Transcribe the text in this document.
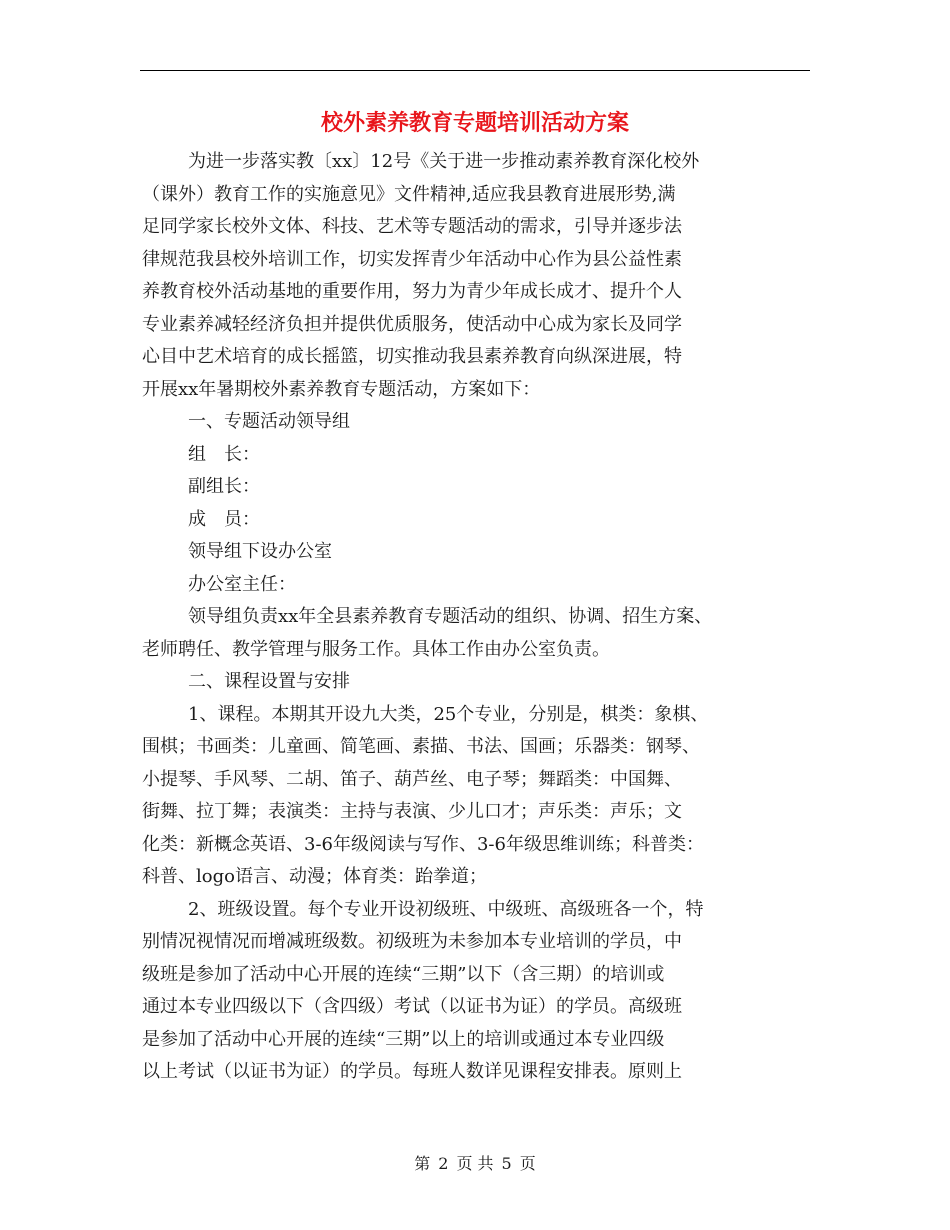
校外素养教育专题培训活动方案
为进一步落实教〔xx〕12号《关于进一步推动素养教育深化校外
（课外）教育工作的实施意见》文件精神,适应我县教育进展形势,满
足同学家长校外文体、科技、艺术等专题活动的需求，引导并逐步法
律规范我县校外培训工作，切实发挥青少年活动中心作为县公益性素
养教育校外活动基地的重要作用，努力为青少年成长成才、提升个人
专业素养减轻经济负担并提供优质服务，使活动中心成为家长及同学
心目中艺术培育的成长摇篮，切实推动我县素养教育向纵深进展，特
开展xx年暑期校外素养教育专题活动，方案如下：
一、专题活动领导组
组　长：
副组长：
成　员：
领导组下设办公室
办公室主任：
领导组负责xx年全县素养教育专题活动的组织、协调、招生方案、
老师聘任、教学管理与服务工作。具体工作由办公室负责。
二、课程设置与安排
1、课程。本期其开设九大类，25个专业，分别是，棋类：象棋、
围棋；书画类：儿童画、简笔画、素描、书法、国画；乐器类：钢琴、
小提琴、手风琴、二胡、笛子、葫芦丝、电子琴；舞蹈类：中国舞、
街舞、拉丁舞；表演类：主持与表演、少儿口才；声乐类：声乐；文
化类：新概念英语、3-6年级阅读与写作、3-6年级思维训练；科普类：
科普、logo语言、动漫；体育类：跆拳道；
2、班级设置。每个专业开设初级班、中级班、高级班各一个，特
别情况视情况而增减班级数。初级班为未参加本专业培训的学员，中
级班是参加了活动中心开展的连续“三期”以下（含三期）的培训或
通过本专业四级以下（含四级）考试（以证书为证）的学员。高级班
是参加了活动中心开展的连续“三期”以上的培训或通过本专业四级
以上考试（以证书为证）的学员。每班人数详见课程安排表。原则上
第 2 页 共 5 页
